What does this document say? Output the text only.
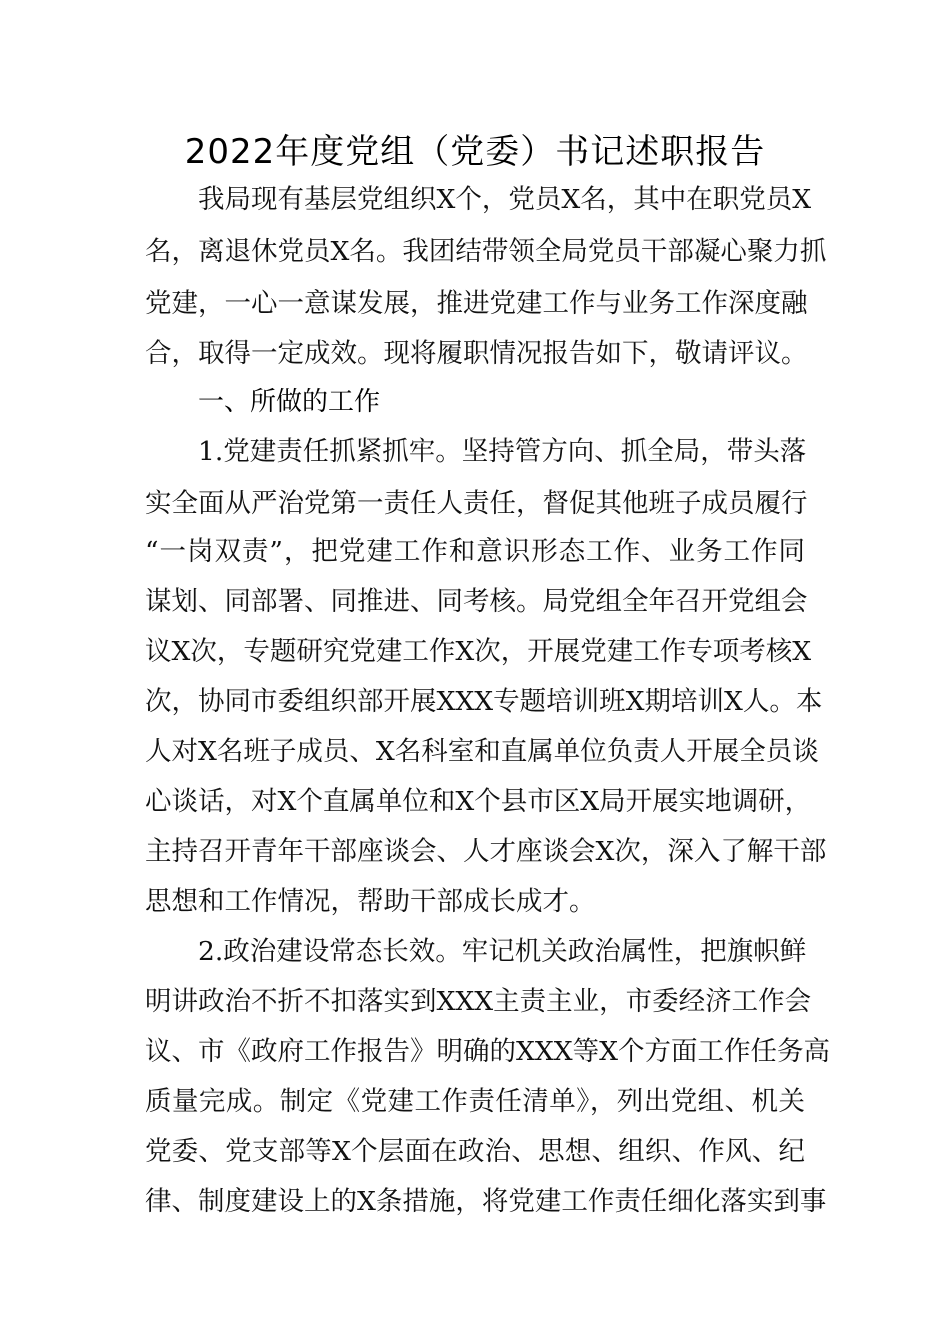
2022年度党组（党委）书记述职报告
我局现有基层党组织X个，党员X名，其中在职党员X
名，离退休党员X名。我团结带领全局党员干部凝心聚力抓
党建，一心一意谋发展，推进党建工作与业务工作深度融
合，取得一定成效。现将履职情况报告如下，敬请评议。
一、所做的工作
1.党建责任抓紧抓牢。坚持管方向、抓全局，带头落
实全面从严治党第一责任人责任，督促其他班子成员履行
“一岗双责”，把党建工作和意识形态工作、业务工作同
谋划、同部署、同推进、同考核。局党组全年召开党组会
议X次，专题研究党建工作X次，开展党建工作专项考核X
次，协同市委组织部开展XXX专题培训班X期培训X人。本
人对X名班子成员、X名科室和直属单位负责人开展全员谈
心谈话，对X个直属单位和X个县市区X局开展实地调研，
主持召开青年干部座谈会、人才座谈会X次，深入了解干部
思想和工作情况，帮助干部成长成才。
2.政治建设常态长效。牢记机关政治属性，把旗帜鲜
明讲政治不折不扣落实到XXX主责主业，市委经济工作会
议、市《政府工作报告》明确的XXX等X个方面工作任务高
质量完成。制定《党建工作责任清单》，列出党组、机关
党委、党支部等X个层面在政治、思想、组织、作风、纪
律、制度建设上的X条措施，将党建工作责任细化落实到事
